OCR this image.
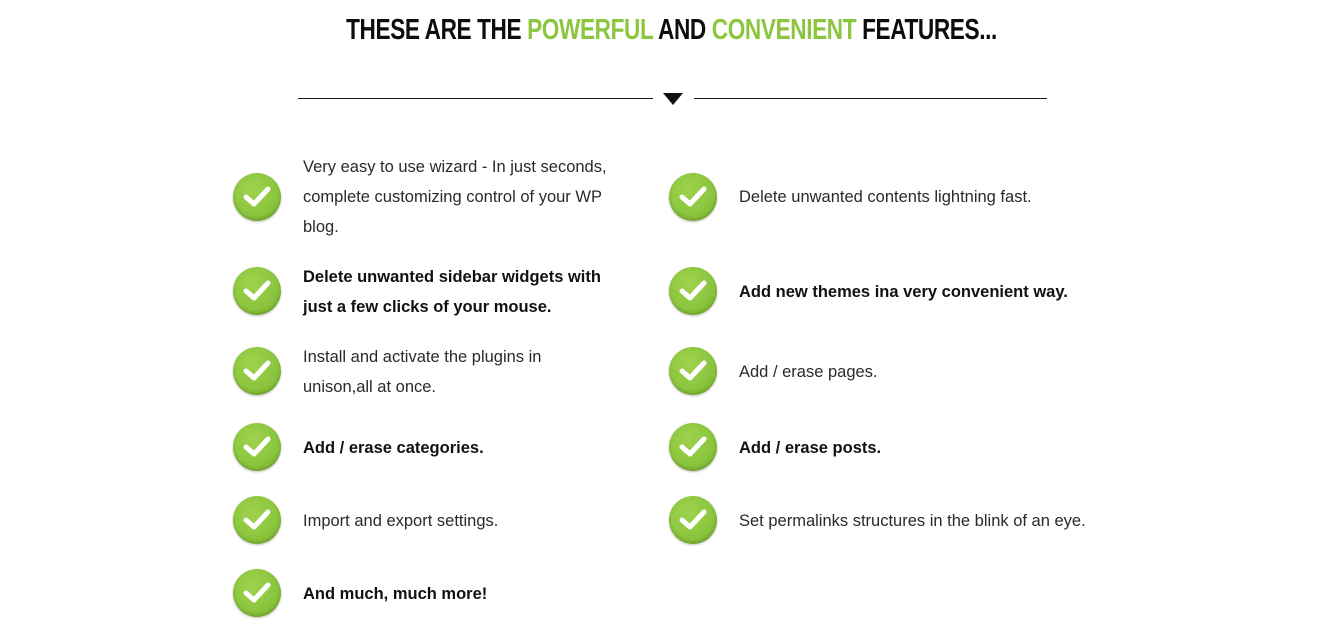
THESE ARE THE POWERFUL AND CONVENIENT FEATURES...
Very easy to use wizard - In just seconds, complete customizing control of your WP blog.
Delete unwanted sidebar widgets with just a few clicks of your mouse.
Install and activate the plugins in unison,all at once.
Add / erase categories.
Import and export settings.
And much, much more!
Delete unwanted contents lightning fast.
Add new themes ina very convenient way.
Add / erase pages.
Add / erase posts.
Set permalinks structures in the blink of an eye.
